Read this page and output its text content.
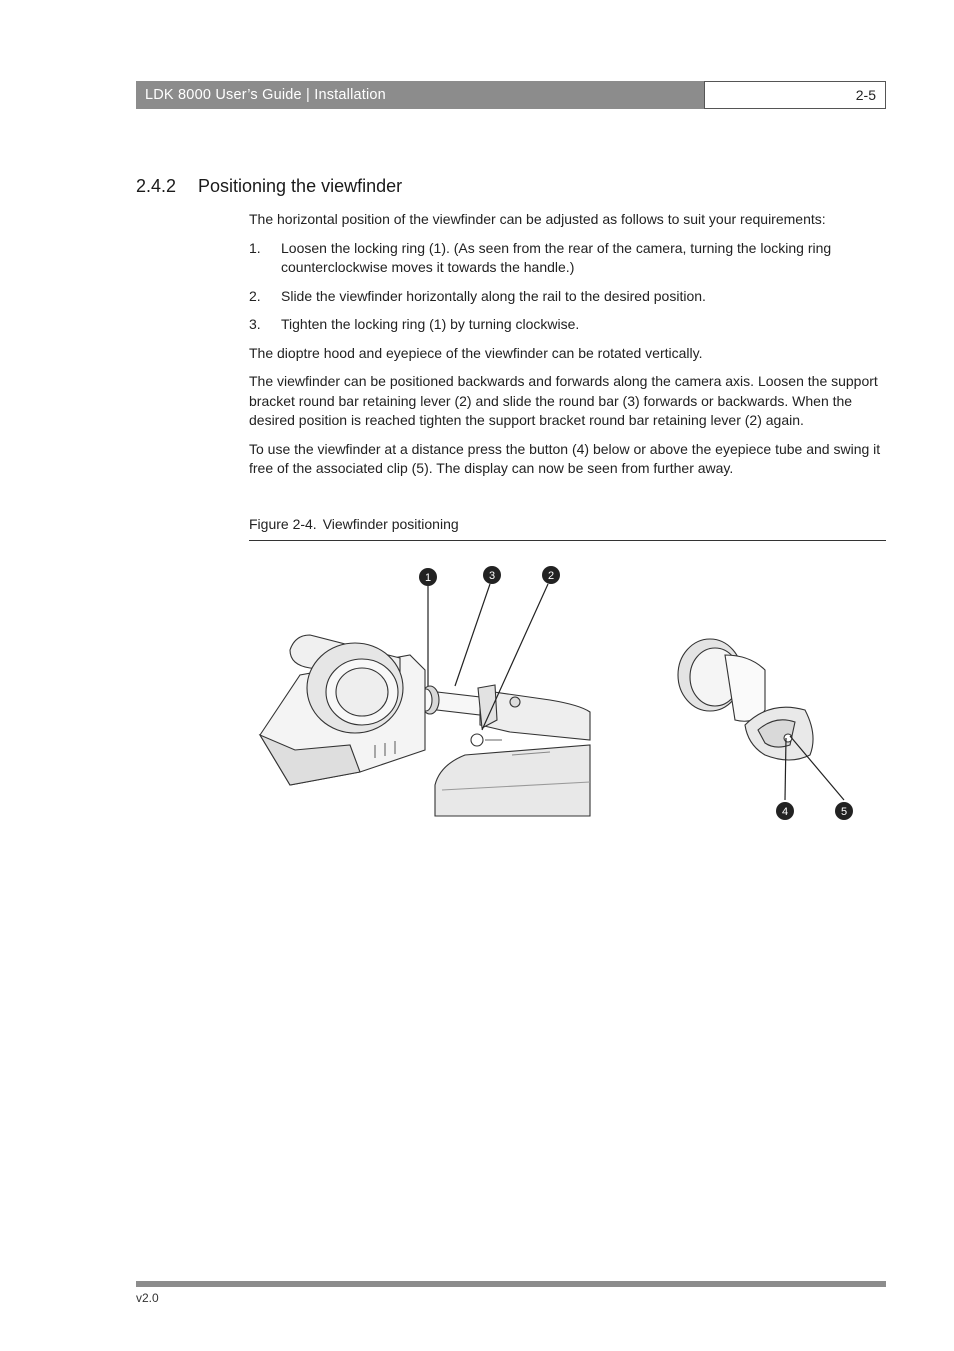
LDK 8000 User’s Guide | Installation	2-5
2.4.2 Positioning the viewfinder

The horizontal position of the viewfinder can be adjusted as follows to suit your requirements:

1.	Loosen the locking ring (1). (As seen from the rear of the camera, turning the locking ring counterclockwise moves it towards the handle.)
2.	Slide the viewfinder horizontally along the rail to the desired position.
3.	Tighten the locking ring (1) by turning clockwise.

The dioptre hood and eyepiece of the viewfinder can be rotated vertically.

The viewfinder can be positioned backwards and forwards along the camera axis. Loosen the support bracket round bar retaining lever (2) and slide the round bar (3) forwards or backwards. When the desired position is reached tighten the support bracket round bar retaining lever (2) again.

To use the viewfinder at a distance press the button (4) below or above the eyepiece tube and swing it free of the associated clip (5). The display can now be seen from further away.

Figure 2-4. Viewfinder positioning
1	3	2
4	5
v2.0
